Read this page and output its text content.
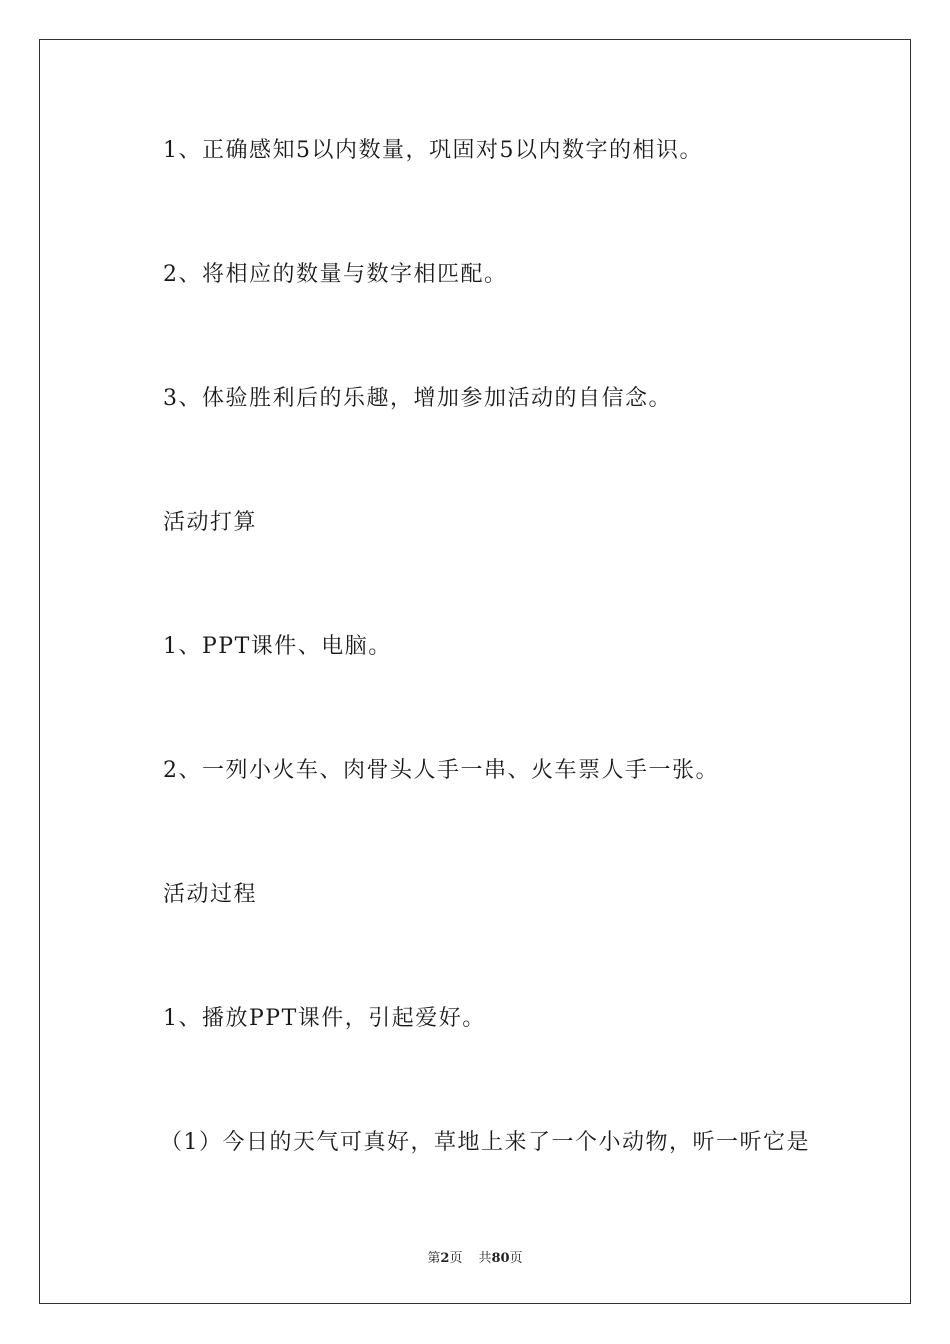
1、正确感知5以内数量，巩固对5以内数字的相识。
2、将相应的数量与数字相匹配。
3、体验胜利后的乐趣，增加参加活动的自信念。
活动打算
1、PPT课件、电脑。
2、一列小火车、肉骨头人手一串、火车票人手一张。
活动过程
1、播放PPT课件，引起爱好。
（1）今日的天气可真好，草地上来了一个小动物，听一听它是
第2页 共80页
